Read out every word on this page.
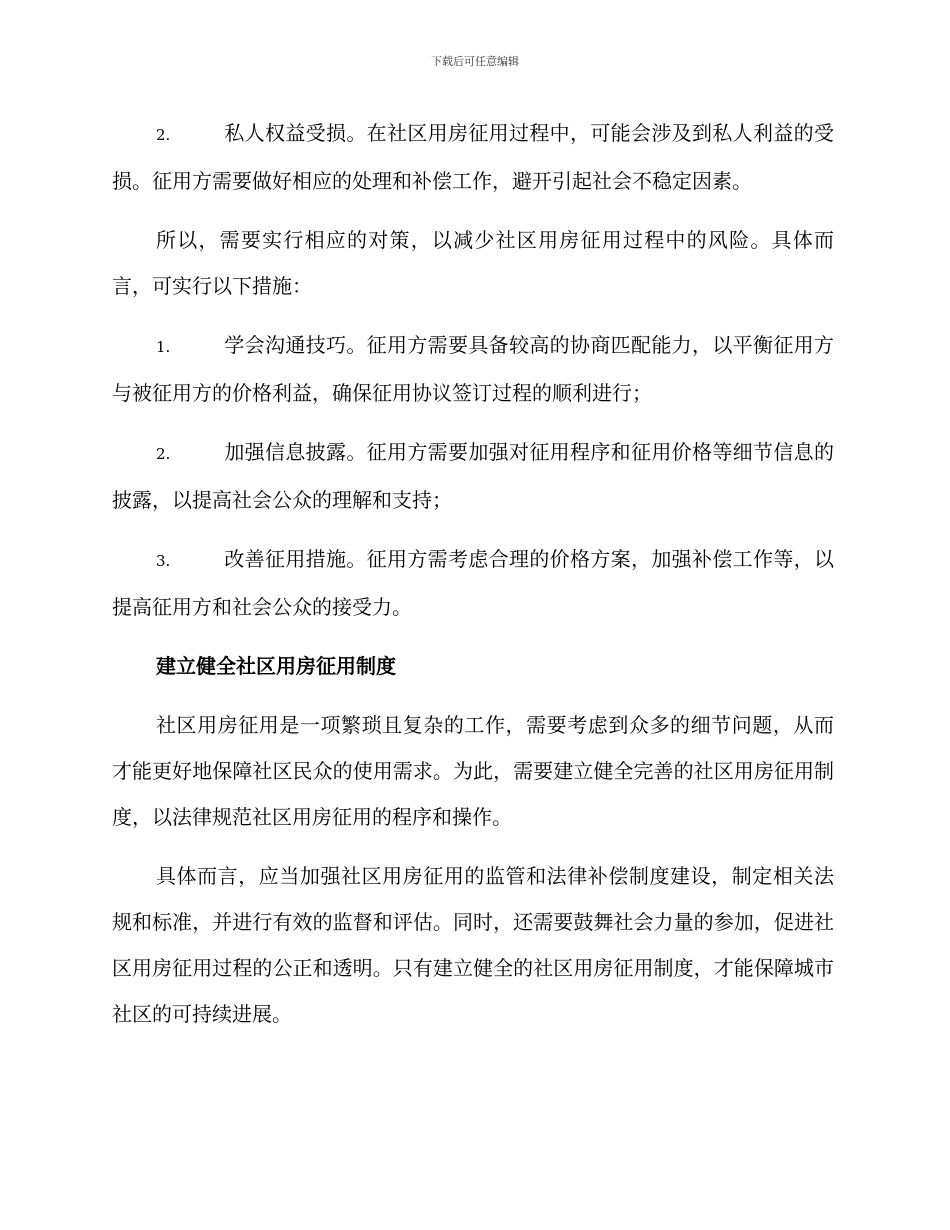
下载后可任意编辑

2.	私人权益受损。在社区用房征用过程中，可能会涉及到私人利益的受损。征用方需要做好相应的处理和补偿工作，避开引起社会不稳定因素。

所以，需要实行相应的对策，以减少社区用房征用过程中的风险。具体而言，可实行以下措施：

1.	学会沟通技巧。征用方需要具备较高的协商匹配能力，以平衡征用方与被征用方的价格利益，确保征用协议签订过程的顺利进行；

2.	加强信息披露。征用方需要加强对征用程序和征用价格等细节信息的披露，以提高社会公众的理解和支持；

3.	改善征用措施。征用方需考虑合理的价格方案，加强补偿工作等，以提高征用方和社会公众的接受力。

建立健全社区用房征用制度

社区用房征用是一项繁琐且复杂的工作，需要考虑到众多的细节问题，从而才能更好地保障社区民众的使用需求。为此，需要建立健全完善的社区用房征用制度，以法律规范社区用房征用的程序和操作。

具体而言，应当加强社区用房征用的监管和法律补偿制度建设，制定相关法规和标准，并进行有效的监督和评估。同时，还需要鼓舞社会力量的参加，促进社区用房征用过程的公正和透明。只有建立健全的社区用房征用制度，才能保障城市社区的可持续进展。
